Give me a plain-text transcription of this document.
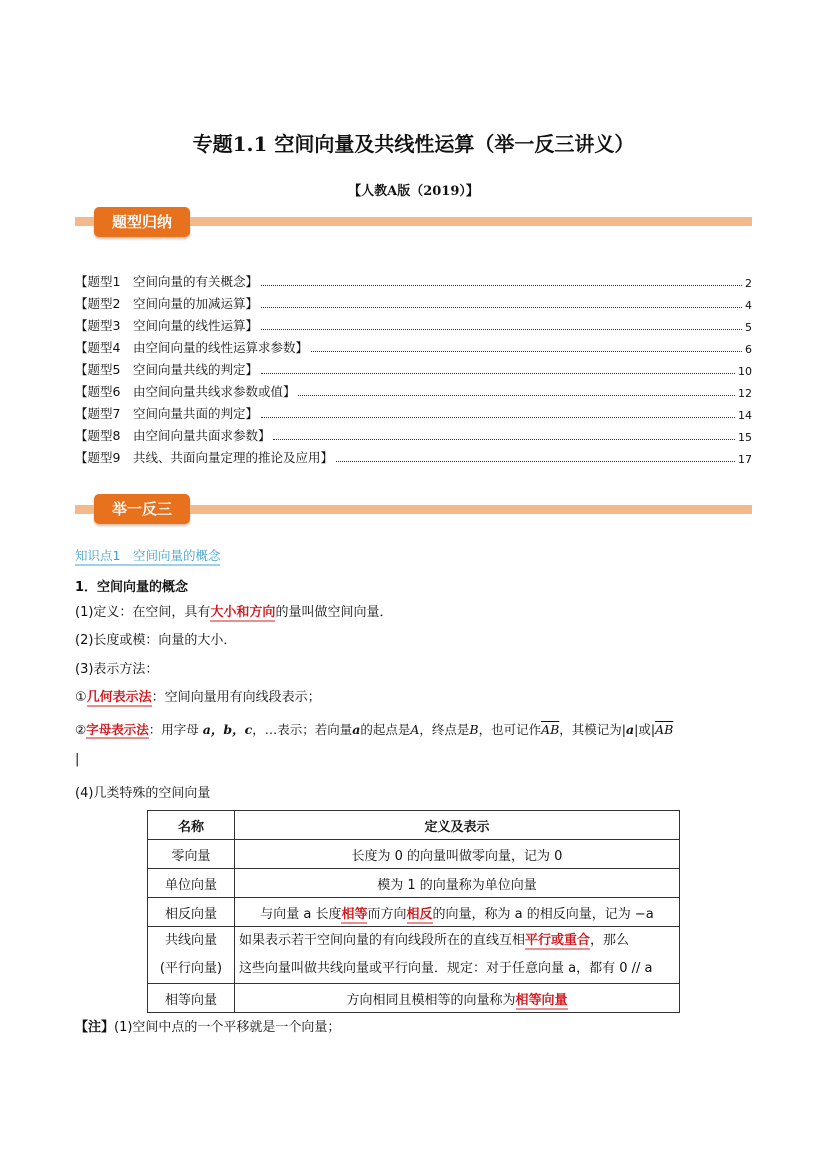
专题1.1 空间向量及共线性运算（举一反三讲义）
【人教A版（2019）】
题型归纳
【题型1　空间向量的有关概念】	2
【题型2　空间向量的加减运算】	4
【题型3　空间向量的线性运算】	5
【题型4　由空间向量的线性运算求参数】	6
【题型5　空间向量共线的判定】	10
【题型6　由空间向量共线求参数或值】	12
【题型7　空间向量共面的判定】	14
【题型8　由空间向量共面求参数】	15
【题型9　共线、共面向量定理的推论及应用】	17
举一反三
知识点1　空间向量的概念
1．空间向量的概念
(1)定义：在空间，具有大小和方向的量叫做空间向量．
(2)长度或模：向量的大小．
(3)表示方法：
①几何表示法：空间向量用有向线段表示；
②字母表示法：用字母 a，b，c，…表示；若向量a的起点是A，终点是B，也可记作$\overline{AB}$，其模记为|a|或$|\overline{AB}$
|
(4)几类特殊的空间向量
名称	定义及表示
零向量	长度为 0 的向量叫做零向量，记为 0
单位向量	模为 1 的向量称为单位向量
相反向量	与向量 a 长度相等而方向相反的向量，称为 a 的相反向量，记为 −a
共线向量
(平行向量)	如果表示若干空间向量的有向线段所在的直线互相平行或重合，那么
这些向量叫做共线向量或平行向量．规定：对于任意向量 a，都有 0 // a
相等向量	方向相同且模相等的向量称为相等向量
【注】(1)空间中点的一个平移就是一个向量；
